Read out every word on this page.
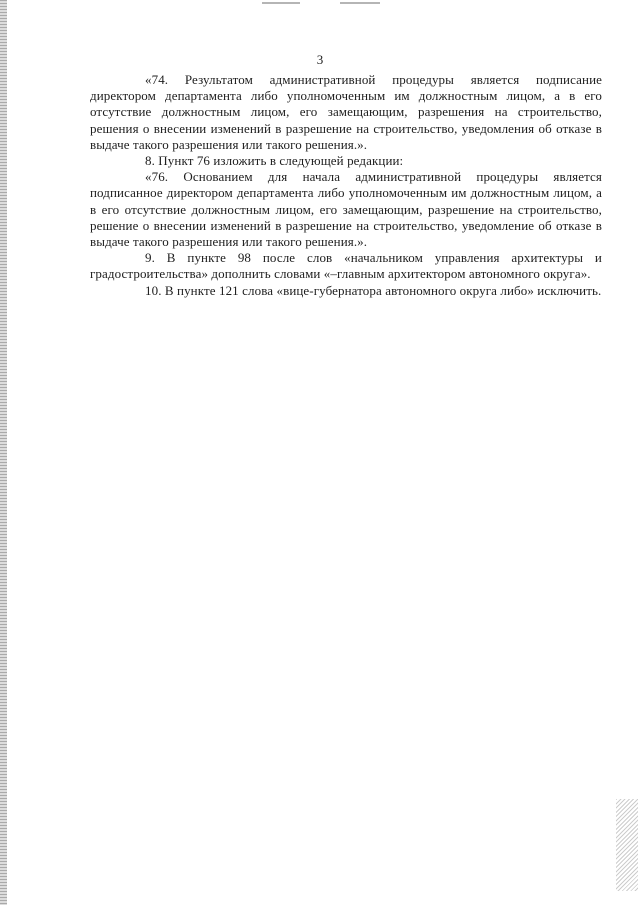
3

«74. Результатом административной процедуры является подписание директором департамента либо уполномоченным им должностным лицом, а в его отсутствие должностным лицом, его замещающим, разрешения на строительство, решения о внесении изменений в разрешение на строительство, уведомления об отказе в выдаче такого разрешения или такого решения.».

8. Пункт 76 изложить в следующей редакции:

«76. Основанием для начала административной процедуры является подписанное директором департамента либо уполномоченным им должностным лицом, а в его отсутствие должностным лицом, его замещающим, разрешение на строительство, решение о внесении изменений в разрешение на строительство, уведомление об отказе в выдаче такого разрешения или такого решения.».

9. В пункте 98 после слов «начальником управления архитектуры и градостроительства» дополнить словами «–главным архитектором автономного округа».

10. В пункте 121 слова «вице-губернатора автономного округа либо» исключить.
